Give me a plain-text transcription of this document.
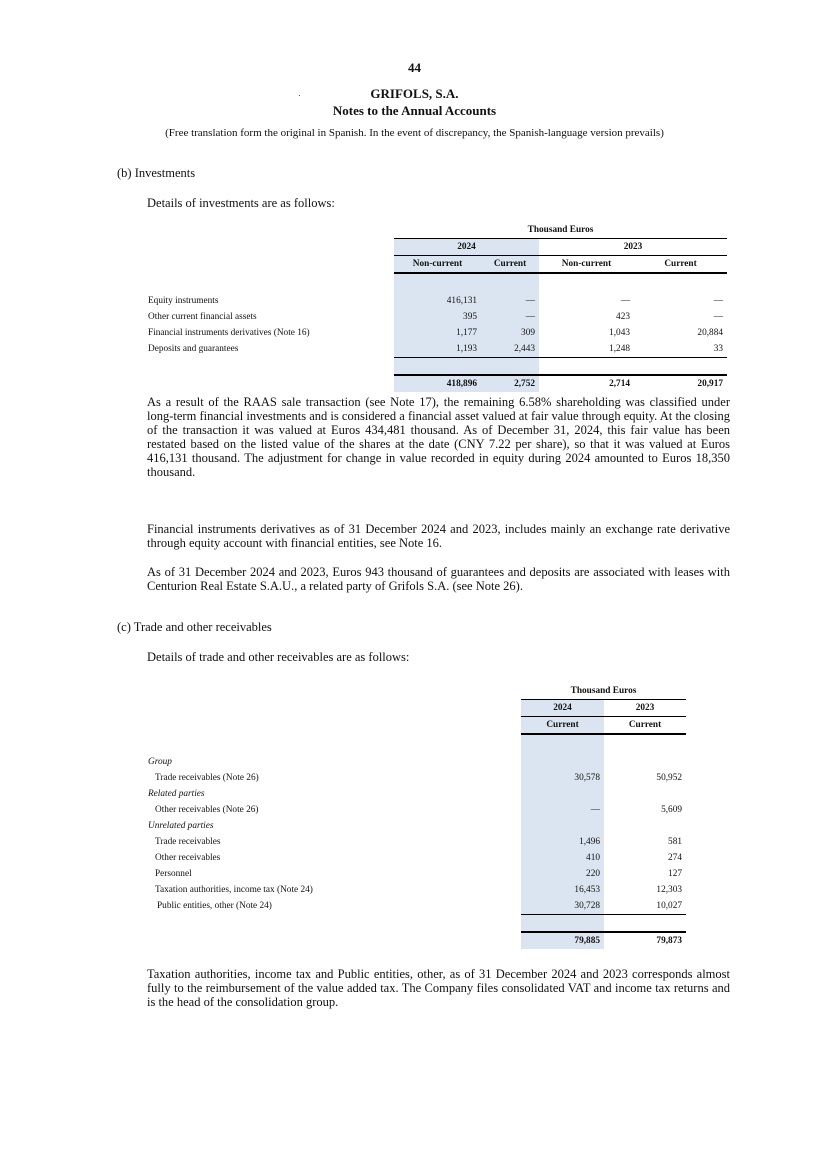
44
GRIFOLS, S.A.
Notes to the Annual Accounts
(Free translation form the original in Spanish. In the event of discrepancy, the Spanish-language version prevails)
(b) Investments
Details of investments are as follows:
	Thousand Euros			
	2024		2023	
	Non-current	Current	Non-current	Current

Equity instruments	416,131	—	—	—
Other current financial assets	395	—	423	—
Financial instruments derivatives (Note 16)	1,177	309	1,043	20,884
Deposits and guarantees	1,193	2,443	1,248	33

	418,896	2,752	2,714	20,917

As a result of the RAAS sale transaction (see Note 17), the remaining 6.58% shareholding was classified under long-term financial investments and is considered a financial asset valued at fair value through equity. At the closing of the transaction it was valued at Euros 434,481 thousand. As of December 31, 2024, this fair value has been restated based on the listed value of the shares at the date (CNY 7.22 per share), so that it was valued at Euros 416,131 thousand. The adjustment for change in value recorded in equity during 2024 amounted to Euros 18,350 thousand.

Financial instruments derivatives as of 31 December 2024 and 2023, includes mainly an exchange rate derivative through equity account with financial entities, see Note 16.

As of 31 December 2024 and 2023, Euros 943 thousand of guarantees and deposits are associated with leases with Centurion Real Estate S.A.U., a related party of Grifols S.A. (see Note 26).

(c) Trade and other receivables
Details of trade and other receivables are as follows:
	Thousand Euros	
	2024	2023
	Current	Current

Group		
Trade receivables (Note 26)	30,578	50,952
Related parties		
Other receivables (Note 26)	—	5,609
Unrelated parties		
Trade receivables	1,496	581
Other receivables	410	274
Personnel	220	127
Taxation authorities, income tax (Note 24)	16,453	12,303
Public entities, other (Note 24)	30,728	10,027

	79,885	79,873

Taxation authorities, income tax and Public entities, other, as of 31 December 2024 and 2023 corresponds almost fully to the reimbursement of the value added tax. The Company files consolidated VAT and income tax returns and is the head of the consolidation group.
